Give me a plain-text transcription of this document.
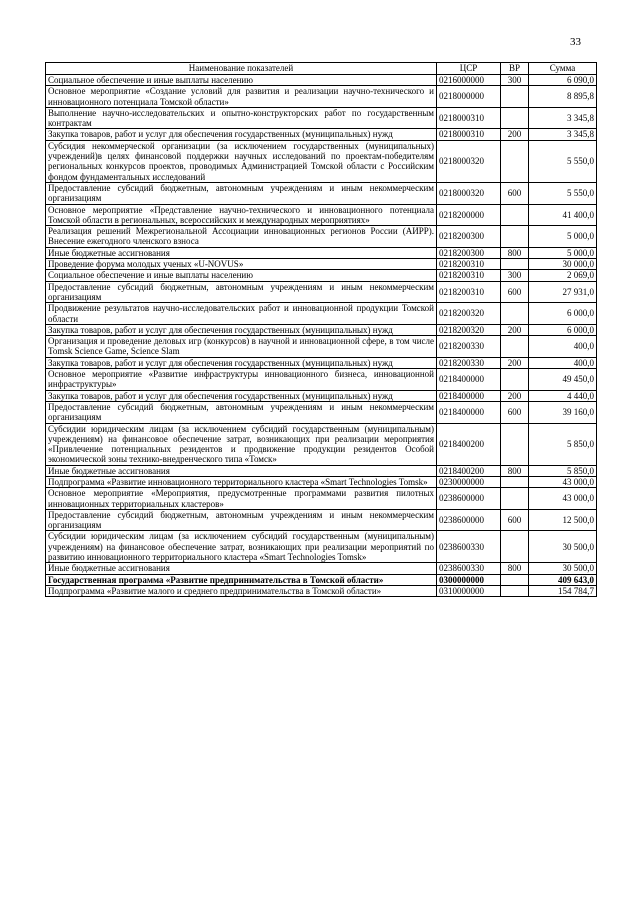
33
Наименование показателей	ЦСР	ВР	Сумма
Социальное обеспечение и иные выплаты населению	0216000000	300	6 090,0
Основное мероприятие «Создание условий для развития и реализации научно-технического и инновационного потенциала Томской области»	0218000000		8 895,8
Выполнение научно-исследовательских и опытно-конструкторских работ по государственным контрактам	0218000310		3 345,8
Закупка товаров, работ и услуг для обеспечения государственных (муниципальных) нужд	0218000310	200	3 345,8
Субсидия некоммерческой организации (за исключением государственных (муниципальных) учреждений)в целях финансовой поддержки научных исследований по проектам-победителям региональных конкурсов проектов, проводимых Администрацией Томской области с Российским фондом фундаментальных исследований	0218000320		5 550,0
Предоставление субсидий бюджетным, автономным учреждениям и иным некоммерческим организациям	0218000320	600	5 550,0
Основное мероприятие «Представление научно-технического и инновационного потенциала Томской области в региональных, всероссийских и международных мероприятиях»	0218200000		41 400,0
Реализация решений Межрегиональной Ассоциации инновационных регионов России (АИРР). Внесение ежегодного членского взноса	0218200300		5 000,0
Иные бюджетные ассигнования	0218200300	800	5 000,0
Проведение форума молодых ученых «U-NOVUS»	0218200310		30 000,0
Социальное обеспечение и иные выплаты населению	0218200310	300	2 069,0
Предоставление субсидий бюджетным, автономным учреждениям и иным некоммерческим организациям	0218200310	600	27 931,0
Продвижение результатов научно-исследовательских работ и инновационной продукции Томской области	0218200320		6 000,0
Закупка товаров, работ и услуг для обеспечения государственных (муниципальных) нужд	0218200320	200	6 000,0
Организация и проведение деловых игр (конкурсов) в научной и инновационной сфере, в том числе Tomsk Science Game, Science Slam	0218200330		400,0
Закупка товаров, работ и услуг для обеспечения государственных (муниципальных) нужд	0218200330	200	400,0
Основное мероприятие «Развитие инфраструктуры инновационного бизнеса, инновационной инфраструктуры»	0218400000		49 450,0
Закупка товаров, работ и услуг для обеспечения государственных (муниципальных) нужд	0218400000	200	4 440,0
Предоставление субсидий бюджетным, автономным учреждениям и иным некоммерческим организациям	0218400000	600	39 160,0
Субсидии юридическим лицам (за исключением субсидий государственным (муниципальным) учреждениям) на финансовое обеспечение затрат, возникающих при реализации мероприятия «Привлечение потенциальных резидентов и продвижение продукции резидентов Особой экономической зоны технико-внедренческого типа «Томск»	0218400200		5 850,0
Иные бюджетные ассигнования	0218400200	800	5 850,0
Подпрограмма «Развитие инновационного территориального кластера «Smart Technologies Tomsk»	0230000000		43 000,0
Основное мероприятие «Мероприятия, предусмотренные программами развития пилотных инновационных территориальных кластеров»	0238600000		43 000,0
Предоставление субсидий бюджетным, автономным учреждениям и иным некоммерческим организациям	0238600000	600	12 500,0
Субсидии юридическим лицам (за исключением субсидий государственным (муниципальным) учреждениям) на финансовое обеспечение затрат, возникающих при реализации мероприятий по развитию инновационного территориального кластера «Smart Technologies Tomsk»	0238600330		30 500,0
Иные бюджетные ассигнования	0238600330	800	30 500,0
Государственная программа «Развитие предпринимательства в Томской области»	0300000000		409 643,0
Подпрограмма «Развитие малого и среднего предпринимательства в Томской области»	0310000000		154 784,7
